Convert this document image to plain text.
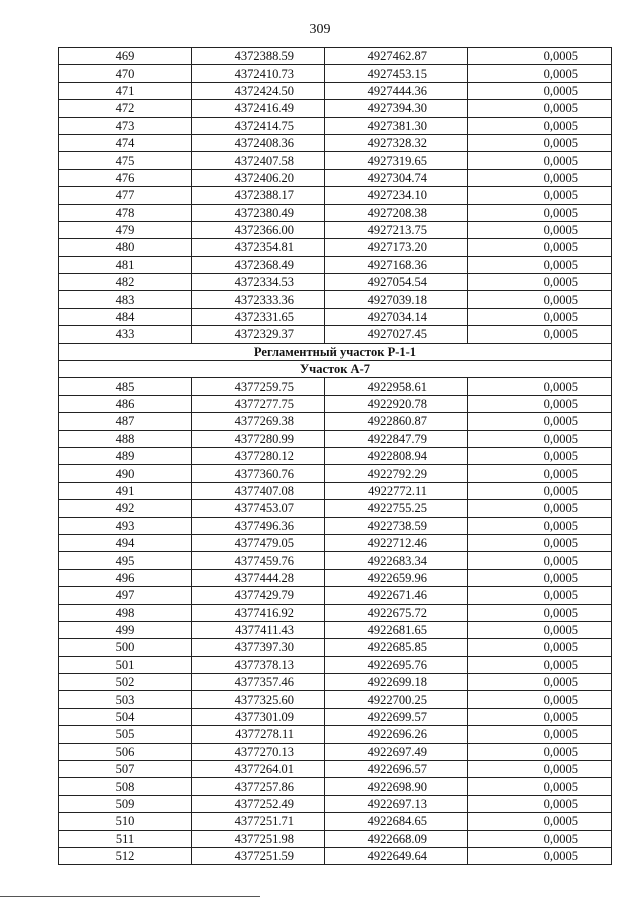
309
469	4372388.59	4927462.87	0,0005
470	4372410.73	4927453.15	0,0005
471	4372424.50	4927444.36	0,0005
472	4372416.49	4927394.30	0,0005
473	4372414.75	4927381.30	0,0005
474	4372408.36	4927328.32	0,0005
475	4372407.58	4927319.65	0,0005
476	4372406.20	4927304.74	0,0005
477	4372388.17	4927234.10	0,0005
478	4372380.49	4927208.38	0,0005
479	4372366.00	4927213.75	0,0005
480	4372354.81	4927173.20	0,0005
481	4372368.49	4927168.36	0,0005
482	4372334.53	4927054.54	0,0005
483	4372333.36	4927039.18	0,0005
484	4372331.65	4927034.14	0,0005
433	4372329.37	4927027.45	0,0005
Регламентный участок Р-1-1			
Участок А-7			
485	4377259.75	4922958.61	0,0005
486	4377277.75	4922920.78	0,0005
487	4377269.38	4922860.87	0,0005
488	4377280.99	4922847.79	0,0005
489	4377280.12	4922808.94	0,0005
490	4377360.76	4922792.29	0,0005
491	4377407.08	4922772.11	0,0005
492	4377453.07	4922755.25	0,0005
493	4377496.36	4922738.59	0,0005
494	4377479.05	4922712.46	0,0005
495	4377459.76	4922683.34	0,0005
496	4377444.28	4922659.96	0,0005
497	4377429.79	4922671.46	0,0005
498	4377416.92	4922675.72	0,0005
499	4377411.43	4922681.65	0,0005
500	4377397.30	4922685.85	0,0005
501	4377378.13	4922695.76	0,0005
502	4377357.46	4922699.18	0,0005
503	4377325.60	4922700.25	0,0005
504	4377301.09	4922699.57	0,0005
505	4377278.11	4922696.26	0,0005
506	4377270.13	4922697.49	0,0005
507	4377264.01	4922696.57	0,0005
508	4377257.86	4922698.90	0,0005
509	4377252.49	4922697.13	0,0005
510	4377251.71	4922684.65	0,0005
511	4377251.98	4922668.09	0,0005
512	4377251.59	4922649.64	0,0005
